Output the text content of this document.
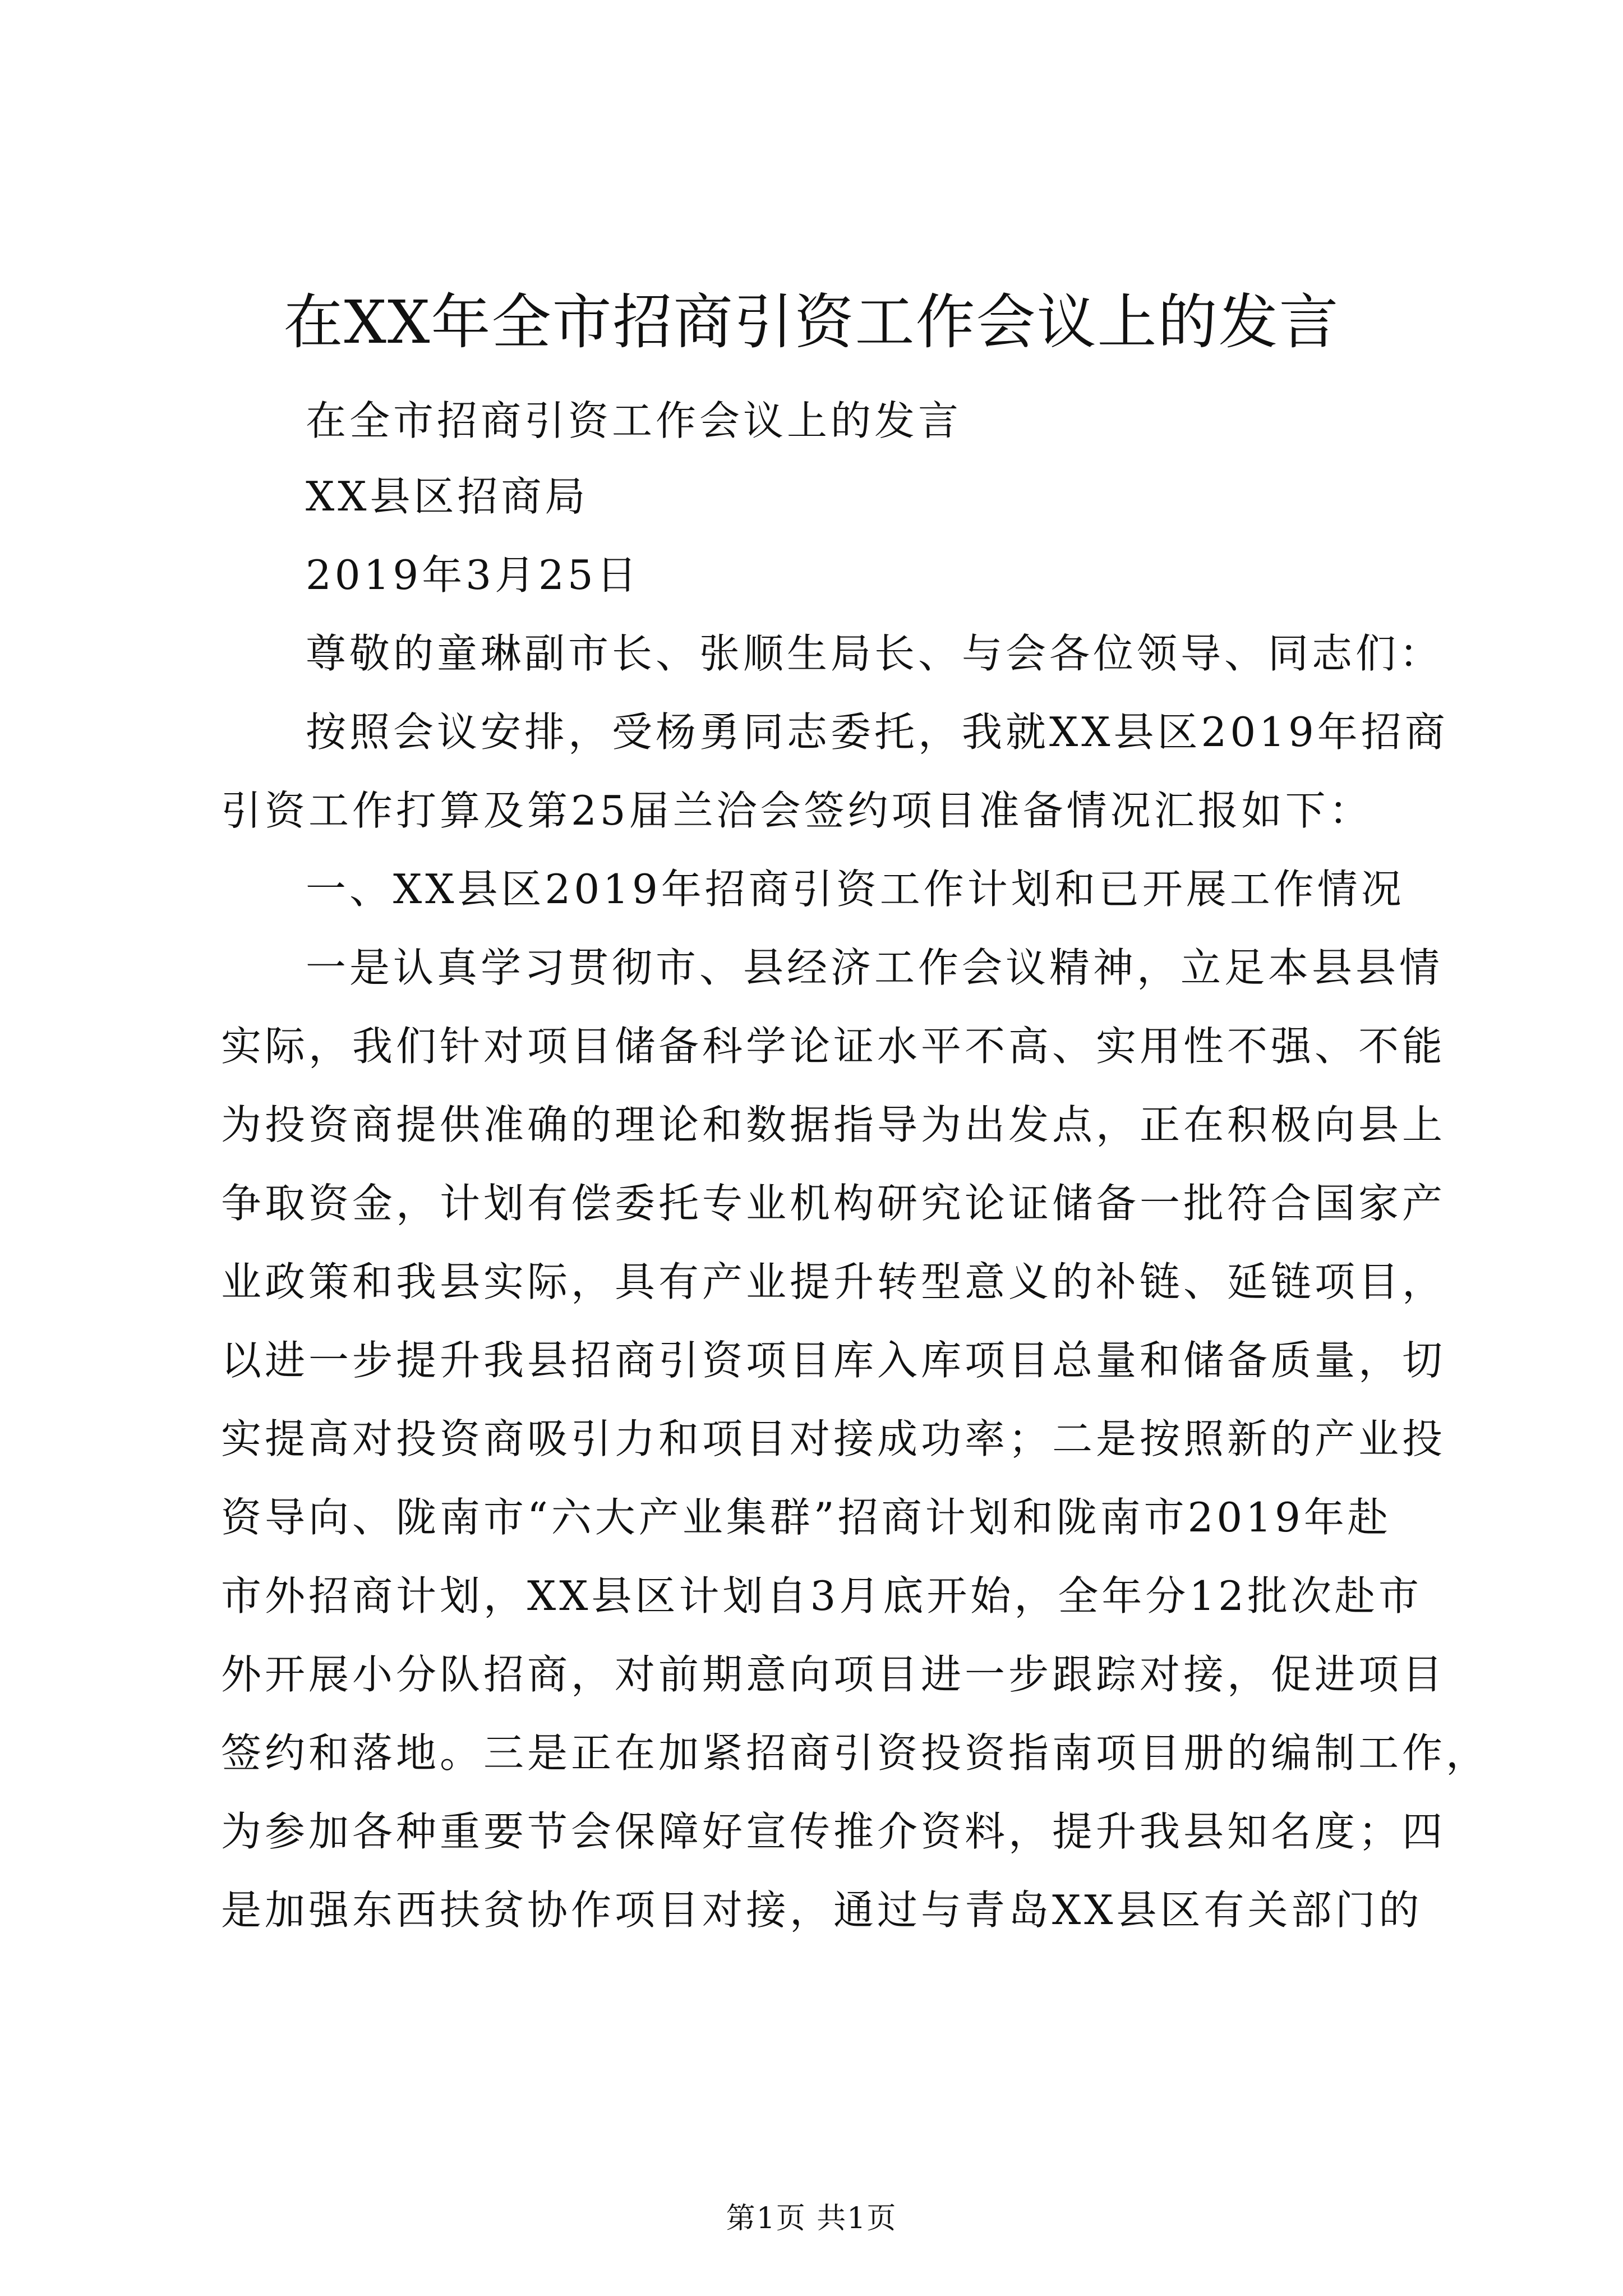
在XX年全市招商引资工作会议上的发言
在全市招商引资工作会议上的发言
XX县区招商局
2019年3月25日
尊敬的童琳副市长、张顺生局长、与会各位领导、同志们：
按照会议安排，受杨勇同志委托，我就XX县区2019年招商
引资工作打算及第25届兰洽会签约项目准备情况汇报如下：
一、XX县区2019年招商引资工作计划和已开展工作情况
一是认真学习贯彻市、县经济工作会议精神，立足本县县情
实际，我们针对项目储备科学论证水平不高、实用性不强、不能
为投资商提供准确的理论和数据指导为出发点，正在积极向县上
争取资金，计划有偿委托专业机构研究论证储备一批符合国家产
业政策和我县实际，具有产业提升转型意义的补链、延链项目，
以进一步提升我县招商引资项目库入库项目总量和储备质量，切
实提高对投资商吸引力和项目对接成功率；二是按照新的产业投
资导向、陇南市“六大产业集群”招商计划和陇南市2019年赴
市外招商计划，XX县区计划自3月底开始，全年分12批次赴市
外开展小分队招商，对前期意向项目进一步跟踪对接，促进项目
签约和落地。三是正在加紧招商引资投资指南项目册的编制工作，
为参加各种重要节会保障好宣传推介资料，提升我县知名度；四
是加强东西扶贫协作项目对接，通过与青岛XX县区有关部门的
第1页 共1页
